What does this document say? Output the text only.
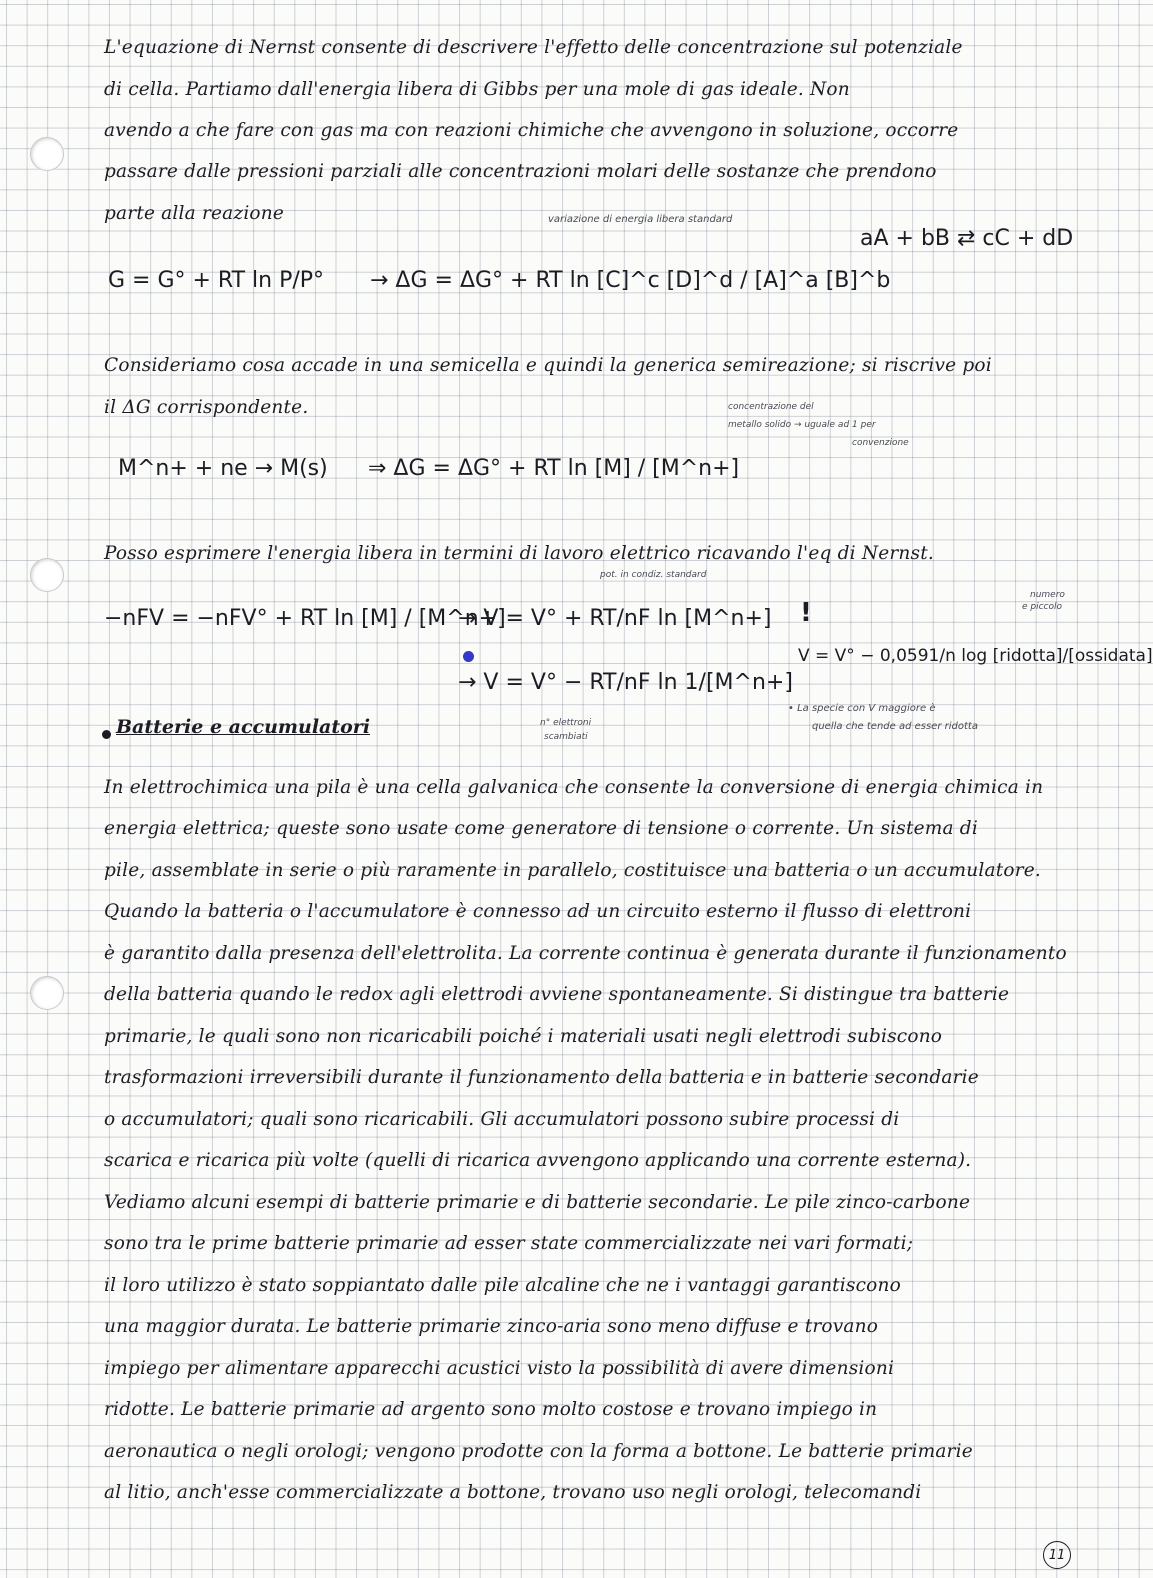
L'equazione di Nernst consente di descrivere l'effetto delle concentrazione sul potenziale

di cella. Partiamo dall'energia libera di Gibbs per una mole di gas ideale. Non

avendo a che fare con gas ma con reazioni chimiche che avvengono in soluzione, occorre

passare dalle pressioni parziali alle concentrazioni molari delle sostanze che prendono

parte alla reazione	variazione di energia libera standard

aA + bB ⇄ cC + dD

G = G° + RT ln P/P° → ΔG = ΔG° + RT ln [C]^c [D]^d / [A]^a [B]^b

Consideriamo cosa accade in una semicella e quindi la generica semireazione; si riscrive poi

il ΔG corrispondente.	concentrazione del

metallo solido → uguale ad 1 per

convenzione

M^n+ + ne → M(s) ⇒ ΔG = ΔG° + RT ln [M] / [M^n+]

Posso esprimere l'energia libera in termini di lavoro elettrico ricavando l'eq di Nernst.

pot. in condiz. standard

numero

e piccolo

−nFV = −nFV° + RT ln [M] / [M^n+]

→ V = V° + RT/nF ln [M^n+] !

V = V° − 0,0591/n log [ridotta]/[ossidata]

→ V = V° − RT/nF ln 1/[M^n+]

• La specie con V maggiore è

quella che tende ad esser ridotta

Batterie e accumulatori	n° elettroni

scambiati

In elettrochimica una pila è una cella galvanica che consente la conversione di energia chimica in

energia elettrica; queste sono usate come generatore di tensione o corrente. Un sistema di

pile, assemblate in serie o più raramente in parallelo, costituisce una batteria o un accumulatore.

Quando la batteria o l'accumulatore è connesso ad un circuito esterno il flusso di elettroni

è garantito dalla presenza dell'elettrolita. La corrente continua è generata durante il funzionamento

della batteria quando le redox agli elettrodi avviene spontaneamente. Si distingue tra batterie

primarie, le quali sono non ricaricabili poiché i materiali usati negli elettrodi subiscono

trasformazioni irreversibili durante il funzionamento della batteria e in batterie secondarie

o accumulatori; quali sono ricaricabili. Gli accumulatori possono subire processi di

scarica e ricarica più volte (quelli di ricarica avvengono applicando una corrente esterna).

Vediamo alcuni esempi di batterie primarie e di batterie secondarie. Le pile zinco-carbone

sono tra le prime batterie primarie ad esser state commercializzate nei vari formati;

il loro utilizzo è stato soppiantato dalle pile alcaline che ne i vantaggi garantiscono

una maggior durata. Le batterie primarie zinco-aria sono meno diffuse e trovano

impiego per alimentare apparecchi acustici visto la possibilità di avere dimensioni

ridotte. Le batterie primarie ad argento sono molto costose e trovano impiego in

aeronautica o negli orologi; vengono prodotte con la forma a bottone. Le batterie primarie

al litio, anch'esse commercializzate a bottone, trovano uso negli orologi, telecomandi

11
